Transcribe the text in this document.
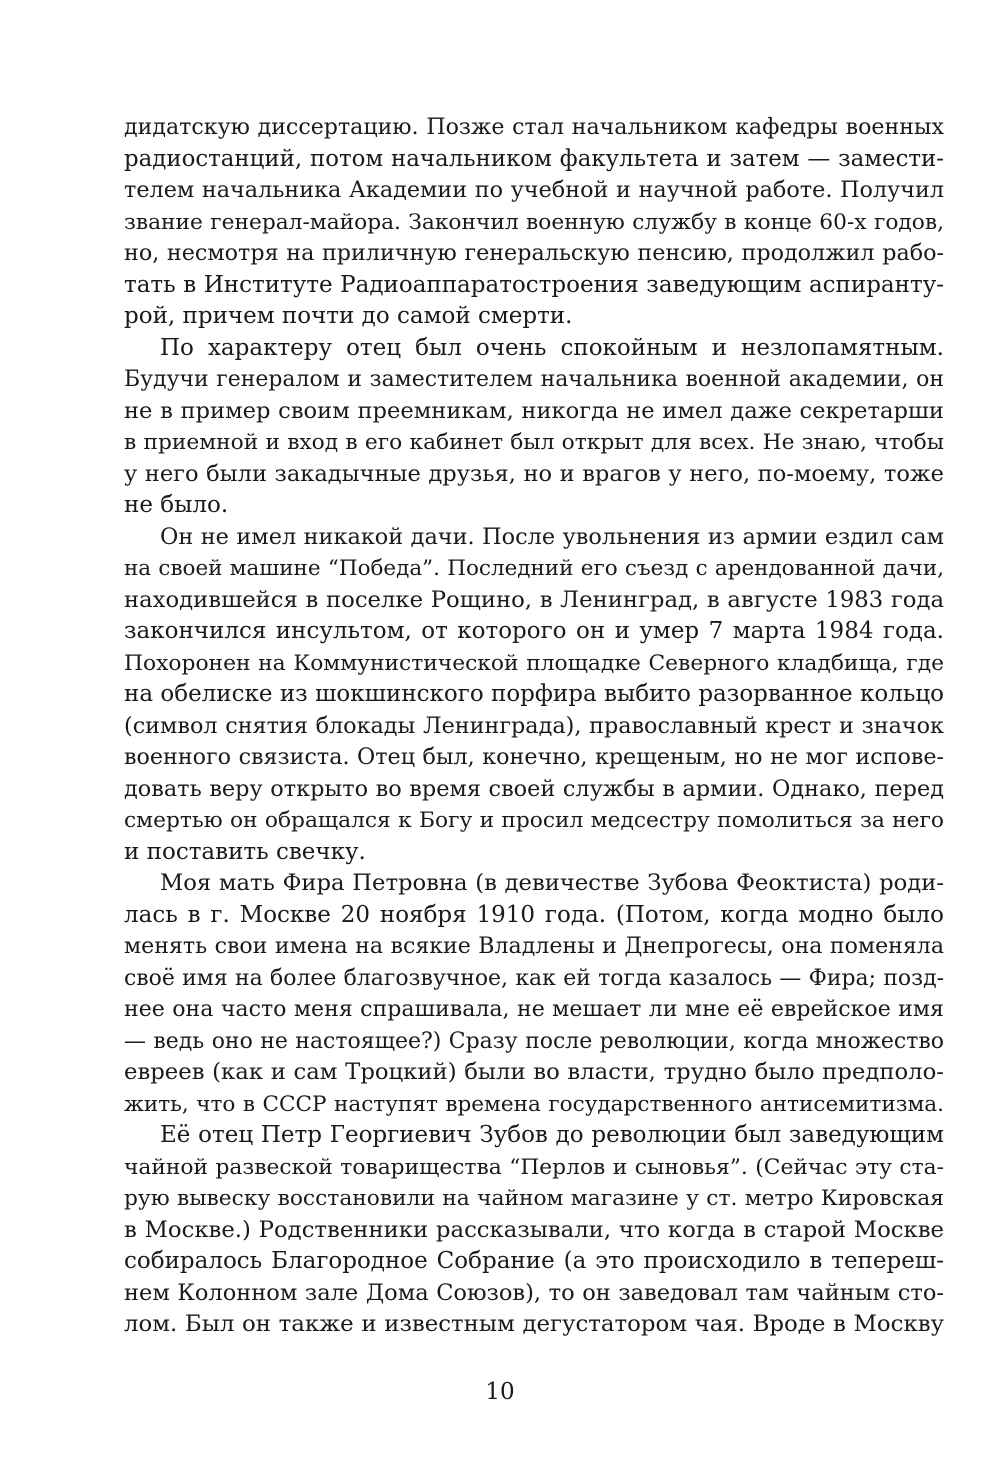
дидатскую диссертацию. Позже стал начальником кафедры военных
радиостанций, потом начальником факультета и затем — замести-
телем начальника Академии по учебной и научной работе. Получил
звание генерал-майора. Закончил военную службу в конце 60-х годов,
но, несмотря на приличную генеральскую пенсию, продолжил рабо-
тать в Институте Радиоаппаратостроения заведующим аспиранту-
рой, причем почти до самой смерти.

По характеру отец был очень спокойным и незлопамятным.
Будучи генералом и заместителем начальника военной академии, он
не в пример своим преемникам, никогда не имел даже секретарши
в приемной и вход в его кабинет был открыт для всех. Не знаю, чтобы
у него были закадычные друзья, но и врагов у него, по-моему, тоже
не было.

Он не имел никакой дачи. После увольнения из армии ездил сам
на своей машине “Победа”. Последний его съезд с арендованной дачи,
находившейся в поселке Рощино, в Ленинград, в августе 1983 года
закончился инсультом, от которого он и умер 7 марта 1984 года.
Похоронен на Коммунистической площадке Северного кладбища, где
на обелиске из шокшинского порфира выбито разорванное кольцо
(символ снятия блокады Ленинграда), православный крест и значок
военного связиста. Отец был, конечно, крещеным, но не мог испове-
довать веру открыто во время своей службы в армии. Однако, перед
смертью он обращался к Богу и просил медсестру помолиться за него
и поставить свечку.

Моя мать Фира Петровна (в девичестве Зубова Феоктиста) роди-
лась в г. Москве 20 ноября 1910 года. (Потом, когда модно было
менять свои имена на всякие Владлены и Днепрогесы, она поменяла
своё имя на более благозвучное, как ей тогда казалось — Фира; позд-
нее она часто меня спрашивала, не мешает ли мне её еврейское имя
— ведь оно не настоящее?) Сразу после революции, когда множество
евреев (как и сам Троцкий) были во власти, трудно было предполо-
жить, что в СССР наступят времена государственного антисемитизма.

Её отец Петр Георгиевич Зубов до революции был заведующим
чайной развеской товарищества “Перлов и сыновья”. (Сейчас эту ста-
рую вывеску восстановили на чайном магазине у ст. метро Кировская
в Москве.) Родственники рассказывали, что когда в старой Москве
собиралось Благородное Собрание (а это происходило в тепереш-
нем Колонном зале Дома Союзов), то он заведовал там чайным сто-
лом. Был он также и известным дегустатором чая. Вроде в Москву

10
